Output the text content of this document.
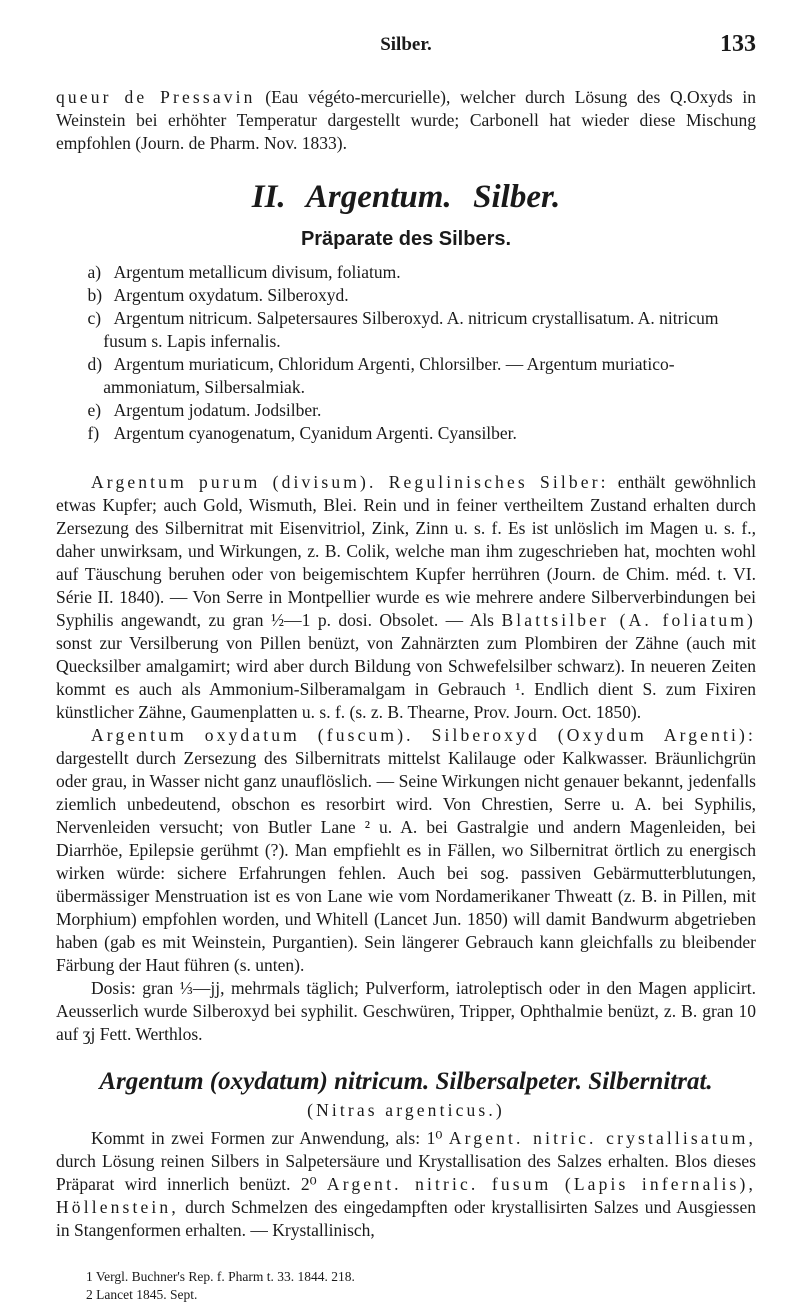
Silber.	133

queur de Pressavin (Eau végéto-mercurielle), welcher durch Lösung des Q.Oxyds in Weinstein bei erhöhter Temperatur dargestellt wurde; Carbonell hat wieder diese Mischung empfohlen (Journ. de Pharm. Nov. 1833).

II. Argentum. Silber.
Präparate des Silbers.
a) Argentum metallicum divisum, foliatum.
b) Argentum oxydatum. Silberoxyd.
c) Argentum nitricum. Salpetersaures Silberoxyd. A. nitricum crystallisatum. A. nitricum fusum s. Lapis infernalis.
d) Argentum muriaticum, Chloridum Argenti, Chlorsilber. — Argentum muriatico-ammoniatum, Silbersalmiak.
e) Argentum jodatum. Jodsilber.
f) Argentum cyanogenatum, Cyanidum Argenti. Cyansilber.

Argentum purum (divisum). Regulinisches Silber: enthält gewöhnlich etwas Kupfer; auch Gold, Wismuth, Blei. Rein und in feiner vertheiltem Zustand erhalten durch Zersezung des Silbernitrat mit Eisenvitriol, Zink, Zinn u. s. f. Es ist unlöslich im Magen u. s. f., daher unwirksam, und Wirkungen, z. B. Colik, welche man ihm zugeschrieben hat, mochten wohl auf Täuschung beruhen oder von beigemischtem Kupfer herrühren (Journ. de Chim. méd. t. VI. Série II. 1840). — Von Serre in Montpellier wurde es wie mehrere andere Silberverbindungen bei Syphilis angewandt, zu gran ½—1 p. dosi. Obsolet. — Als Blattsilber (A. foliatum) sonst zur Versilberung von Pillen benüzt, von Zahnärzten zum Plombiren der Zähne (auch mit Quecksilber amalgamirt; wird aber durch Bildung von Schwefelsilber schwarz). In neueren Zeiten kommt es auch als Ammonium-Silberamalgam in Gebrauch ¹. Endlich dient S. zum Fixiren künstlicher Zähne, Gaumenplatten u. s. f. (s. z. B. Thearne, Prov. Journ. Oct. 1850).

Argentum oxydatum (fuscum). Silberoxyd (Oxydum Argenti): dargestellt durch Zersezung des Silbernitrats mittelst Kalilauge oder Kalkwasser. Bräunlichgrün oder grau, in Wasser nicht ganz unauflöslich. — Seine Wirkungen nicht genauer bekannt, jedenfalls ziemlich unbedeutend, obschon es resorbirt wird. Von Chrestien, Serre u. A. bei Syphilis, Nervenleiden versucht; von Butler Lane ² u. A. bei Gastralgie und andern Magenleiden, bei Diarrhöe, Epilepsie gerühmt (?). Man empfiehlt es in Fällen, wo Silbernitrat örtlich zu energisch wirken würde: sichere Erfahrungen fehlen. Auch bei sog. passiven Gebärmutterblutungen, übermässiger Menstruation ist es von Lane wie vom Nordamerikaner Thweatt (z. B. in Pillen, mit Morphium) empfohlen worden, und Whitell (Lancet Jun. 1850) will damit Bandwurm abgetrieben haben (gab es mit Weinstein, Purgantien). Sein längerer Gebrauch kann gleichfalls zu bleibender Färbung der Haut führen (s. unten).

Dosis: gran ⅓—jj, mehrmals täglich; Pulverform, iatroleptisch oder in den Magen applicirt. Aeusserlich wurde Silberoxyd bei syphilit. Geschwüren, Tripper, Ophthalmie benüzt, z. B. gran 10 auf ʒj Fett. Werthlos.

Argentum (oxydatum) nitricum. Silbersalpeter. Silbernitrat.
(Nitras argenticus.)

Kommt in zwei Formen zur Anwendung, als: 1⁰ Argent. nitric. crystallisatum, durch Lösung reinen Silbers in Salpetersäure und Krystallisation des Salzes erhalten. Blos dieses Präparat wird innerlich benüzt. 2⁰ Argent. nitric. fusum (Lapis infernalis), Höllenstein, durch Schmelzen des eingedampften oder krystallisirten Salzes und Ausgiessen in Stangenformen erhalten. — Krystallinisch,

1 Vergl. Buchner's Rep. f. Pharm t. 33. 1844. 218.
2 Lancet 1845. Sept.
